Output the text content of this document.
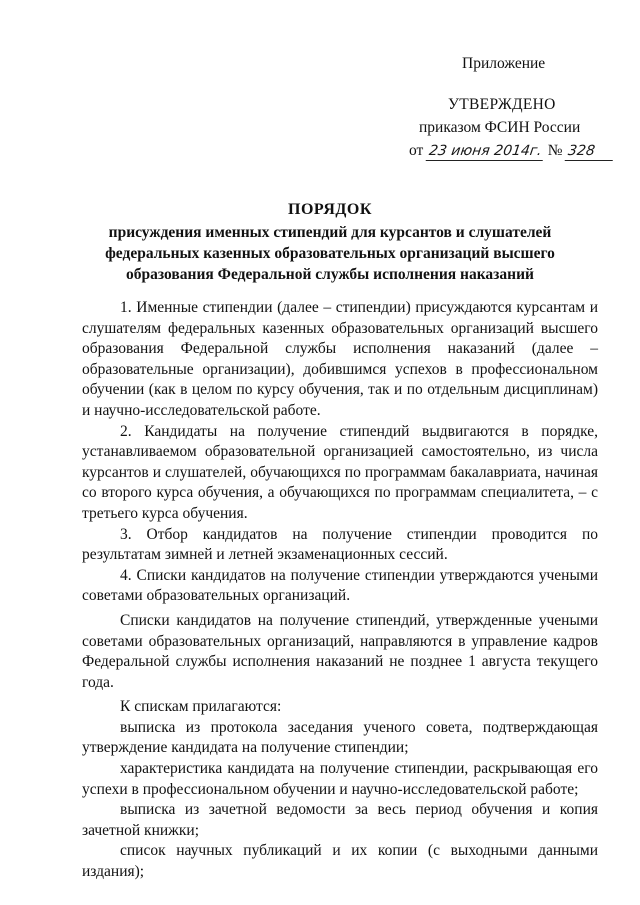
Приложение
УТВЕРЖДЕНО
приказом ФСИН России
от 23 июня 2014г. № 328
ПОРЯДОК
присуждения именных стипендий для курсантов и слушателей
федеральных казенных образовательных организаций высшего
образования Федеральной службы исполнения наказаний

1. Именные стипендии (далее – стипендии) присуждаются курсантам и слушателям федеральных казенных образовательных организаций высшего образования Федеральной службы исполнения наказаний (далее – образовательные организации), добившимся успехов в профессиональном обучении (как в целом по курсу обучения, так и по отдельным дисциплинам) и научно-исследовательской работе.

2. Кандидаты на получение стипендий выдвигаются в порядке, устанавливаемом образовательной организацией самостоятельно, из числа курсантов и слушателей, обучающихся по программам бакалавриата, начиная со второго курса обучения, а обучающихся по программам специалитета, – с третьего курса обучения.

3. Отбор кандидатов на получение стипендии проводится по результатам зимней и летней экзаменационных сессий.

4. Списки кандидатов на получение стипендии утверждаются учеными советами образовательных организаций.

Списки кандидатов на получение стипендий, утвержденные учеными советами образовательных организаций, направляются в управление кадров Федеральной службы исполнения наказаний не позднее 1 августа текущего года.

К спискам прилагаются:

выписка из протокола заседания ученого совета, подтверждающая утверждение кандидата на получение стипендии;

характеристика кандидата на получение стипендии, раскрывающая его успехи в профессиональном обучении и научно-исследовательской работе;

выписка из зачетной ведомости за весь период обучения и копия зачетной книжки;

список научных публикаций и их копии (с выходными данными издания);
